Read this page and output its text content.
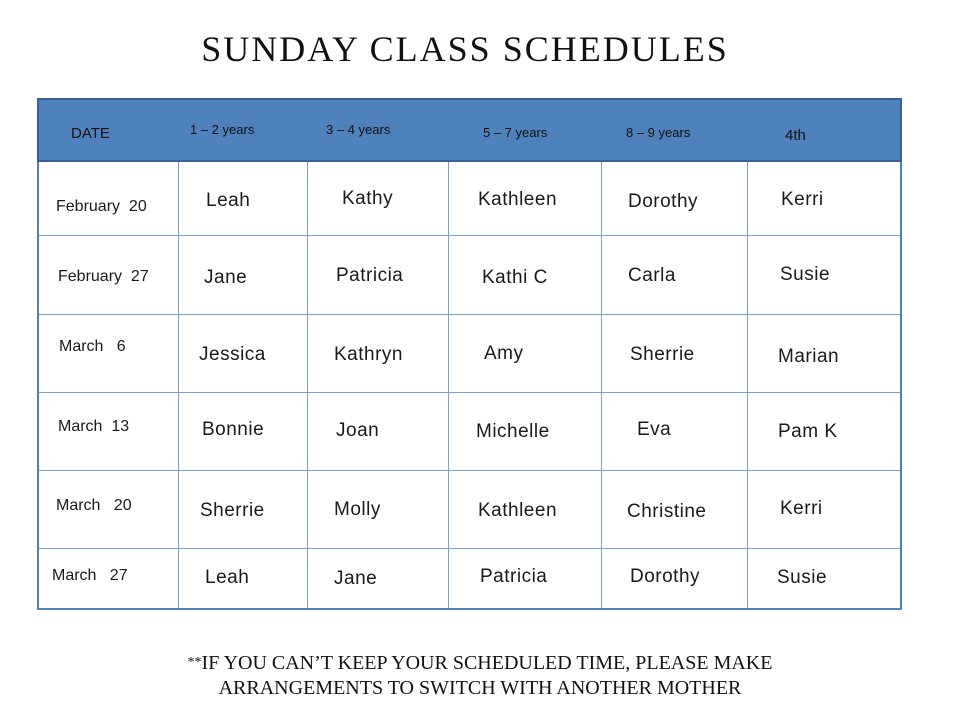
SUNDAY CLASS SCHEDULES
DATE	1 – 2 years	3 – 4 years	5 – 7 years	8 – 9 years	4th
February  20	Leah	Kathy	Kathleen	Dorothy	Kerri
February  27	Jane	Patricia	Kathi C	Carla	Susie
March   6	Jessica	Kathryn	Amy	Sherrie	Marian
March  13	Bonnie	Joan	Michelle	Eva	Pam K
March   20	Sherrie	Molly	Kathleen	Christine	Kerri
March   27	Leah	Jane	Patricia	Dorothy	Susie
**IF YOU CAN’T KEEP YOUR SCHEDULED TIME, PLEASE MAKE
ARRANGEMENTS TO SWITCH WITH ANOTHER MOTHER
